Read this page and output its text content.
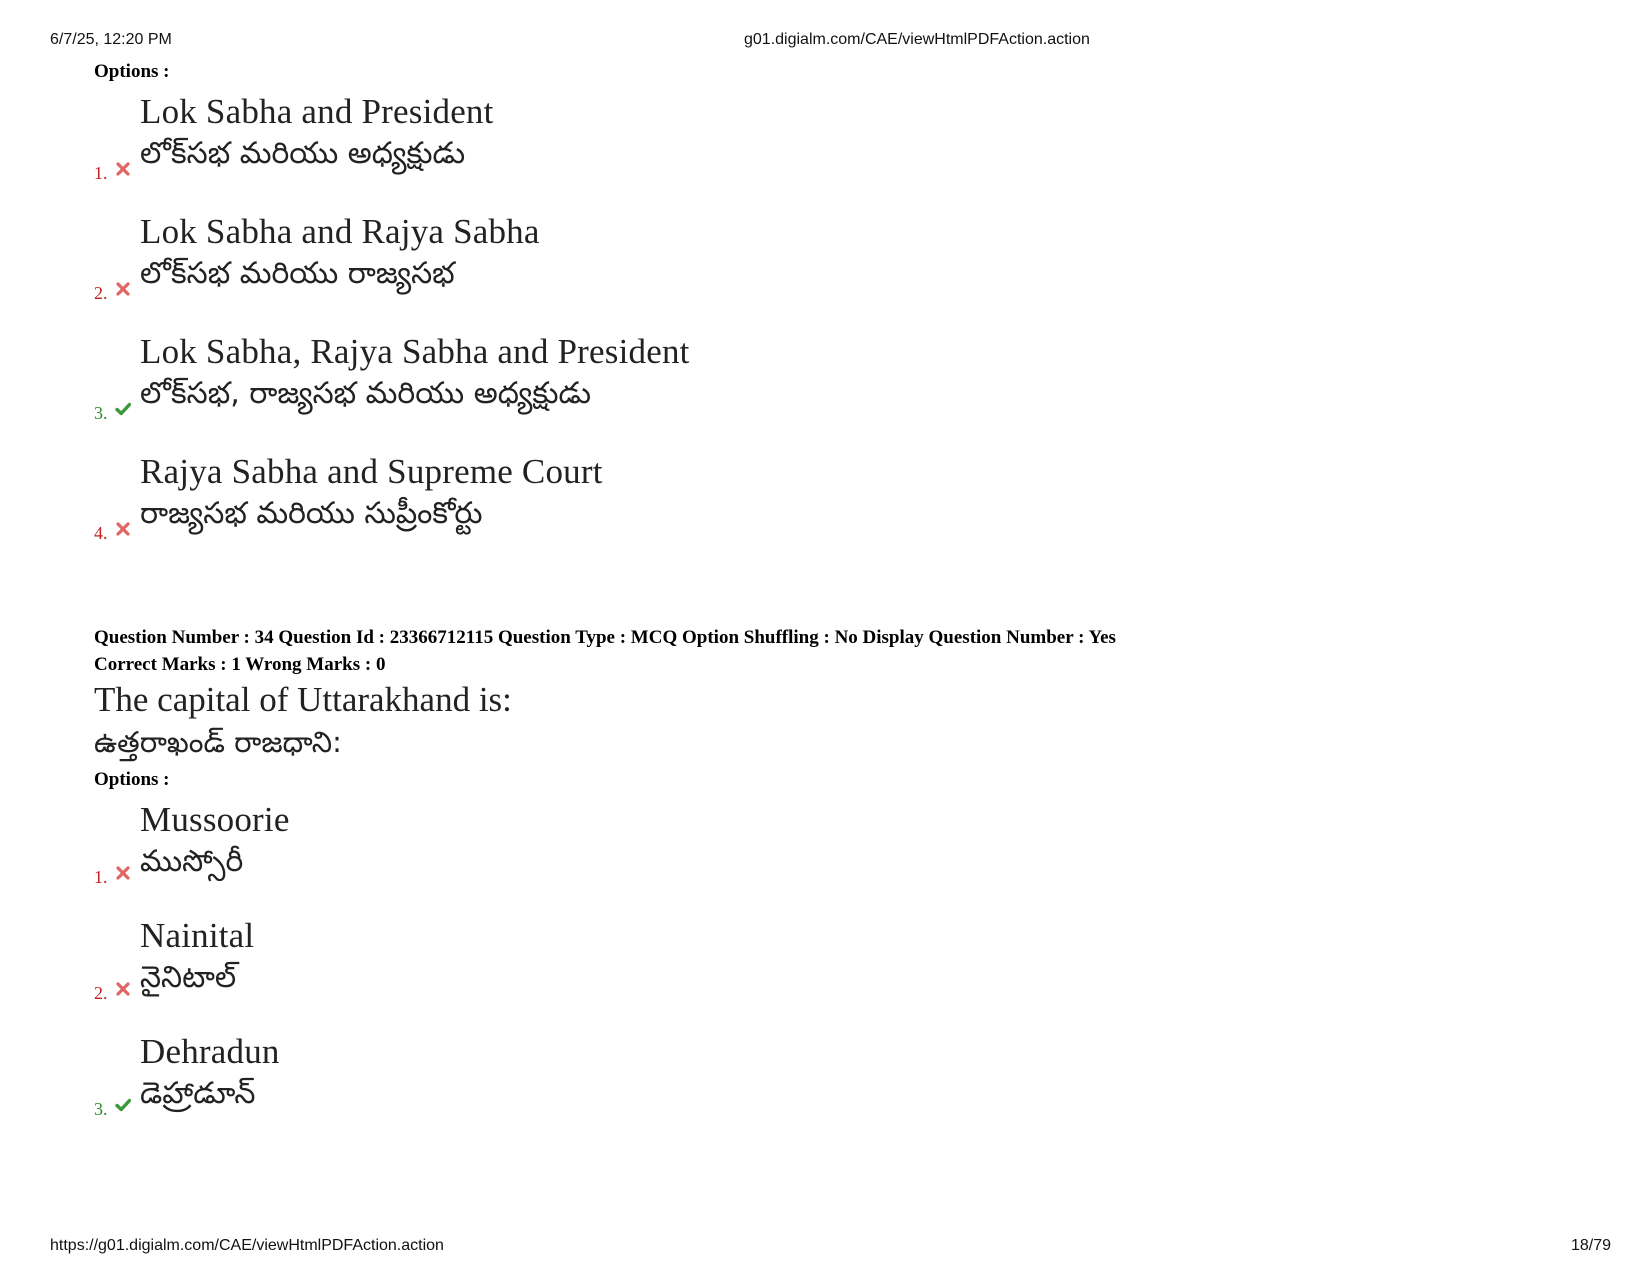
6/7/25, 12:20 PM	g01.digialm.com/CAE/viewHtmlPDFAction.action
Options :
1.
Lok Sabha and President
లోక్‌సభ మరియు అధ్యక్షుడు
2.
Lok Sabha and Rajya Sabha
లోక్‌సభ మరియు రాజ్యసభ
3.
Lok Sabha, Rajya Sabha and President
లోక్‌సభ, రాజ్యసభ మరియు అధ్యక్షుడు
4.
Rajya Sabha and Supreme Court
రాజ్యసభ మరియు సుప్రీంకోర్టు
Question Number : 34 Question Id : 23366712115 Question Type : MCQ Option Shuffling : No Display Question Number : Yes
Correct Marks : 1 Wrong Marks : 0
The capital of Uttarakhand is:
ఉత్తరాఖండ్ రాజధాని:
Options :
1.
Mussoorie
ముస్సోరీ
2.
Nainital
నైనిటాల్
3.
Dehradun
డెహ్రాడూన్
https://g01.digialm.com/CAE/viewHtmlPDFAction.action	18/79
